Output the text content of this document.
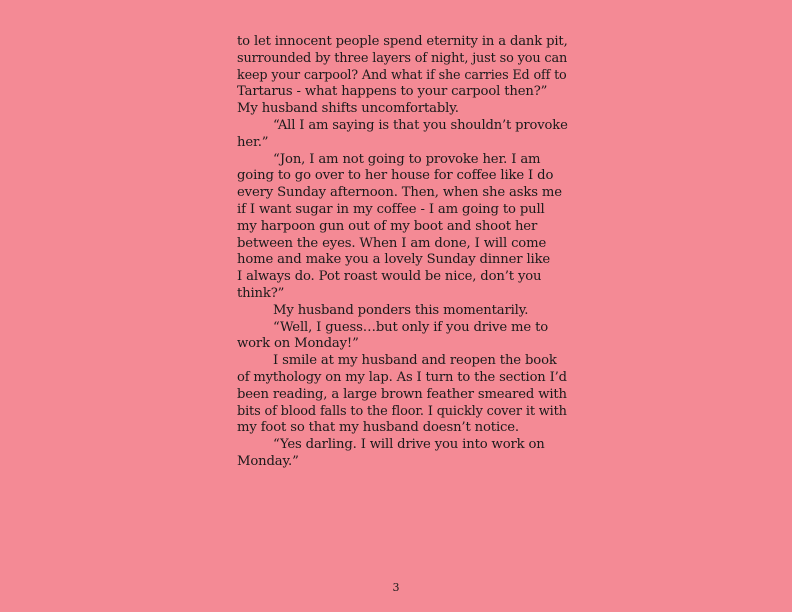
to let innocent people spend eternity in a dank pit,
surrounded by three layers of night, just so you can
keep your carpool? And what if she carries Ed off to
Tartarus - what happens to your carpool then?”
My husband shifts uncomfortably.
“All I am saying is that you shouldn’t provoke
her.”
“Jon, I am not going to provoke her. I am
going to go over to her house for coffee like I do
every Sunday afternoon. Then, when she asks me
if I want sugar in my coffee - I am going to pull
my harpoon gun out of my boot and shoot her
between the eyes. When I am done, I will come
home and make you a lovely Sunday dinner like
I always do. Pot roast would be nice, don’t you
think?”
My husband ponders this momentarily.
“Well, I guess…but only if you drive me to
work on Monday!”
I smile at my husband and reopen the book
of mythology on my lap. As I turn to the section I’d
been reading, a large brown feather smeared with
bits of blood falls to the floor. I quickly cover it with
my foot so that my husband doesn’t notice.
“Yes darling. I will drive you into work on
Monday.”
3
